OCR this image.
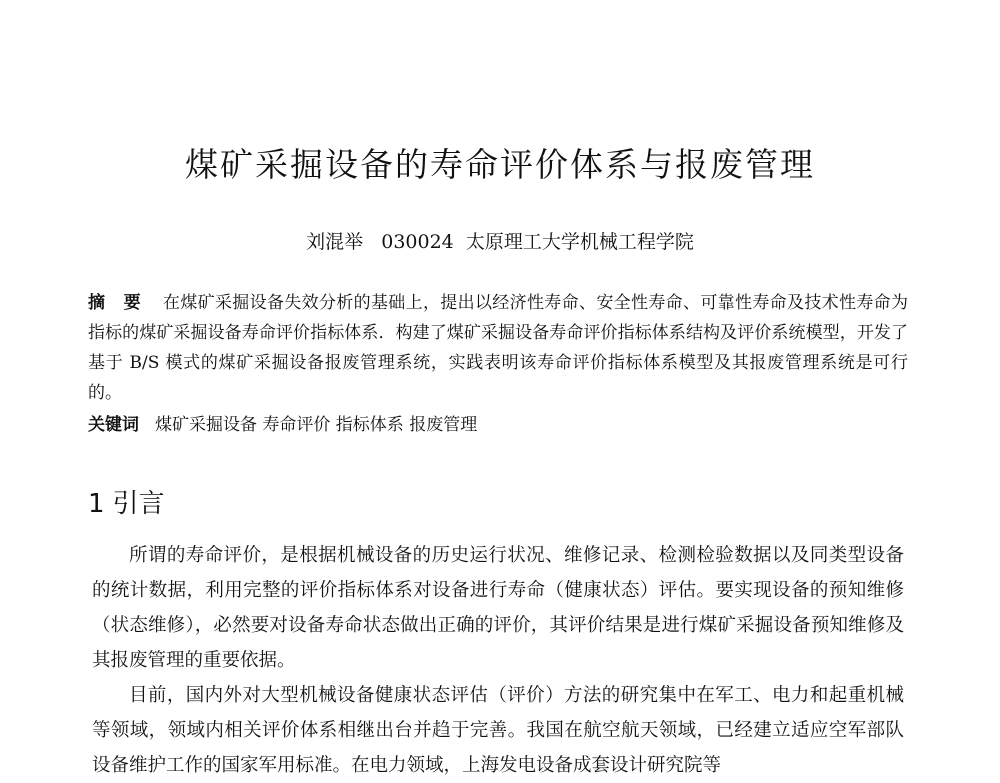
煤矿采掘设备的寿命评价体系与报废管理
刘混举   030024  太原理工大学机械工程学院
摘 要 在煤矿采掘设备失效分析的基础上，提出以经济性寿命、安全性寿命、可靠性寿命及技术性寿命为指标的煤矿采掘设备寿命评价指标体系．构建了煤矿采掘设备寿命评价指标体系结构及评价系统模型，开发了基于 B/S 模式的煤矿采掘设备报废管理系统，实践表明该寿命评价指标体系模型及其报废管理系统是可行的。
关键词 煤矿采掘设备 寿命评价 指标体系 报废管理
1 引言

所谓的寿命评价，是根据机械设备的历史运行状况、维修记录、检测检验数据以及同类型设备的统计数据，利用完整的评价指标体系对设备进行寿命（健康状态）评估。要实现设备的预知维修（状态维修），必然要对设备寿命状态做出正确的评价，其评价结果是进行煤矿采掘设备预知维修及其报废管理的重要依据。

目前，国内外对大型机械设备健康状态评估（评价）方法的研究集中在军工、电力和起重机械等领域，领域内相关评价体系相继出台并趋于完善。我国在航空航天领域，已经建立适应空军部队设备维护工作的国家军用标准。在电力领域，上海发电设备成套设计研究院等
